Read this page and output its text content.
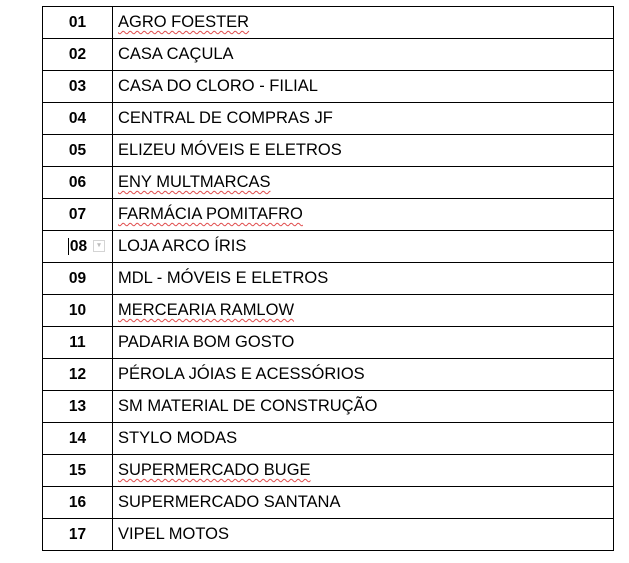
01	AGRO FOESTER
02	CASA CAÇULA
03	CASA DO CLORO - FILIAL
04	CENTRAL DE COMPRAS JF
05	ELIZEU MÓVEIS E ELETROS
06	ENY MULTMARCAS
07	FARMÁCIA POMITAFRO
08 ▾	LOJA ARCO ÍRIS
09	MDL - MÓVEIS E ELETROS
10	MERCEARIA RAMLOW
11	PADARIA BOM GOSTO
12	PÉROLA JÓIAS E ACESSÓRIOS
13	SM MATERIAL DE CONSTRUÇÃO
14	STYLO MODAS
15	SUPERMERCADO BUGE
16	SUPERMERCADO SANTANA
17	VIPEL MOTOS
